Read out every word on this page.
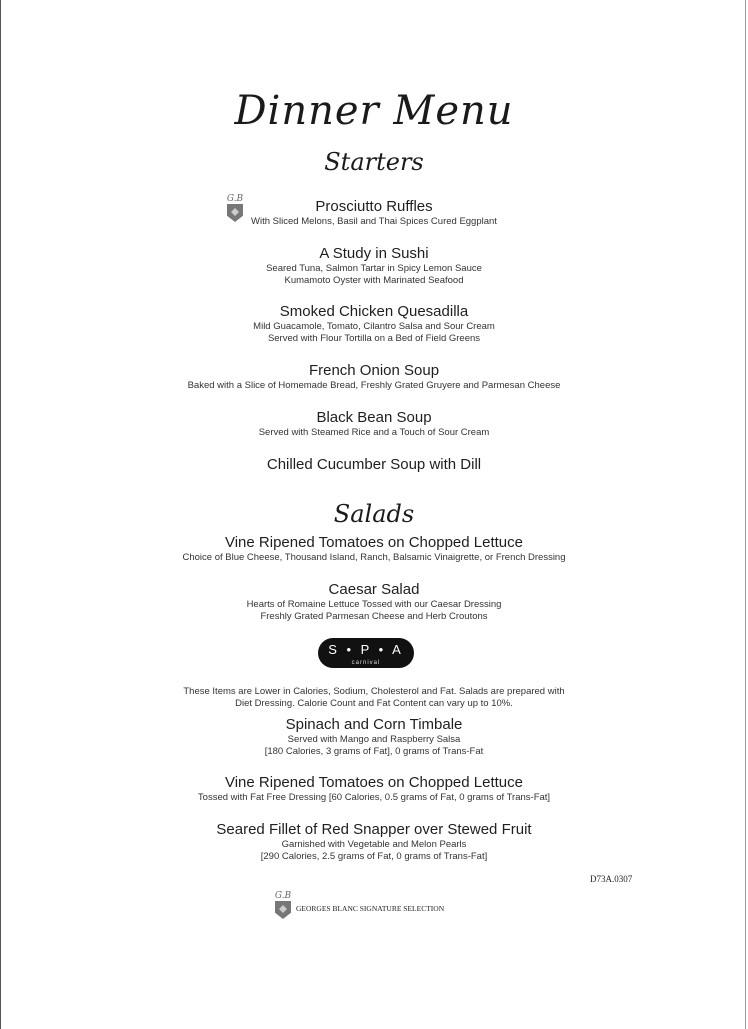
Dinner Menu
Starters
G.B	Prosciutto Ruffles
With Sliced Melons, Basil and Thai Spices Cured Eggplant
A Study in Sushi
Seared Tuna, Salmon Tartar in Spicy Lemon Sauce
Kumamoto Oyster with Marinated Seafood
Smoked Chicken Quesadilla
Mild Guacamole, Tomato, Cilantro Salsa and Sour Cream
Served with Flour Tortilla on a Bed of Field Greens
French Onion Soup
Baked with a Slice of Homemade Bread, Freshly Grated Gruyere and Parmesan Cheese
Black Bean Soup
Served with Steamed Rice and a Touch of Sour Cream
Chilled Cucumber Soup with Dill
Salads
Vine Ripened Tomatoes on Chopped Lettuce
Choice of Blue Cheese, Thousand Island, Ranch, Balsamic Vinaigrette, or French Dressing
Caesar Salad
Hearts of Romaine Lettuce Tossed with our Caesar Dressing
Freshly Grated Parmesan Cheese and Herb Croutons
S • P • A
carnival
These Items are Lower in Calories, Sodium, Cholesterol and Fat. Salads are prepared with
Diet Dressing. Calorie Count and Fat Content can vary up to 10%.
Spinach and Corn Timbale
Served with Mango and Raspberry Salsa
[180 Calories, 3 grams of Fat], 0 grams of Trans-Fat
Vine Ripened Tomatoes on Chopped Lettuce
Tossed with Fat Free Dressing [60 Calories, 0.5 grams of Fat, 0 grams of Trans-Fat]
Seared Fillet of Red Snapper over Stewed Fruit
Garnished with Vegetable and Melon Pearls
[290 Calories, 2.5 grams of Fat, 0 grams of Trans-Fat]
D73A.0307
G.B
GEORGES BLANC SIGNATURE SELECTION
